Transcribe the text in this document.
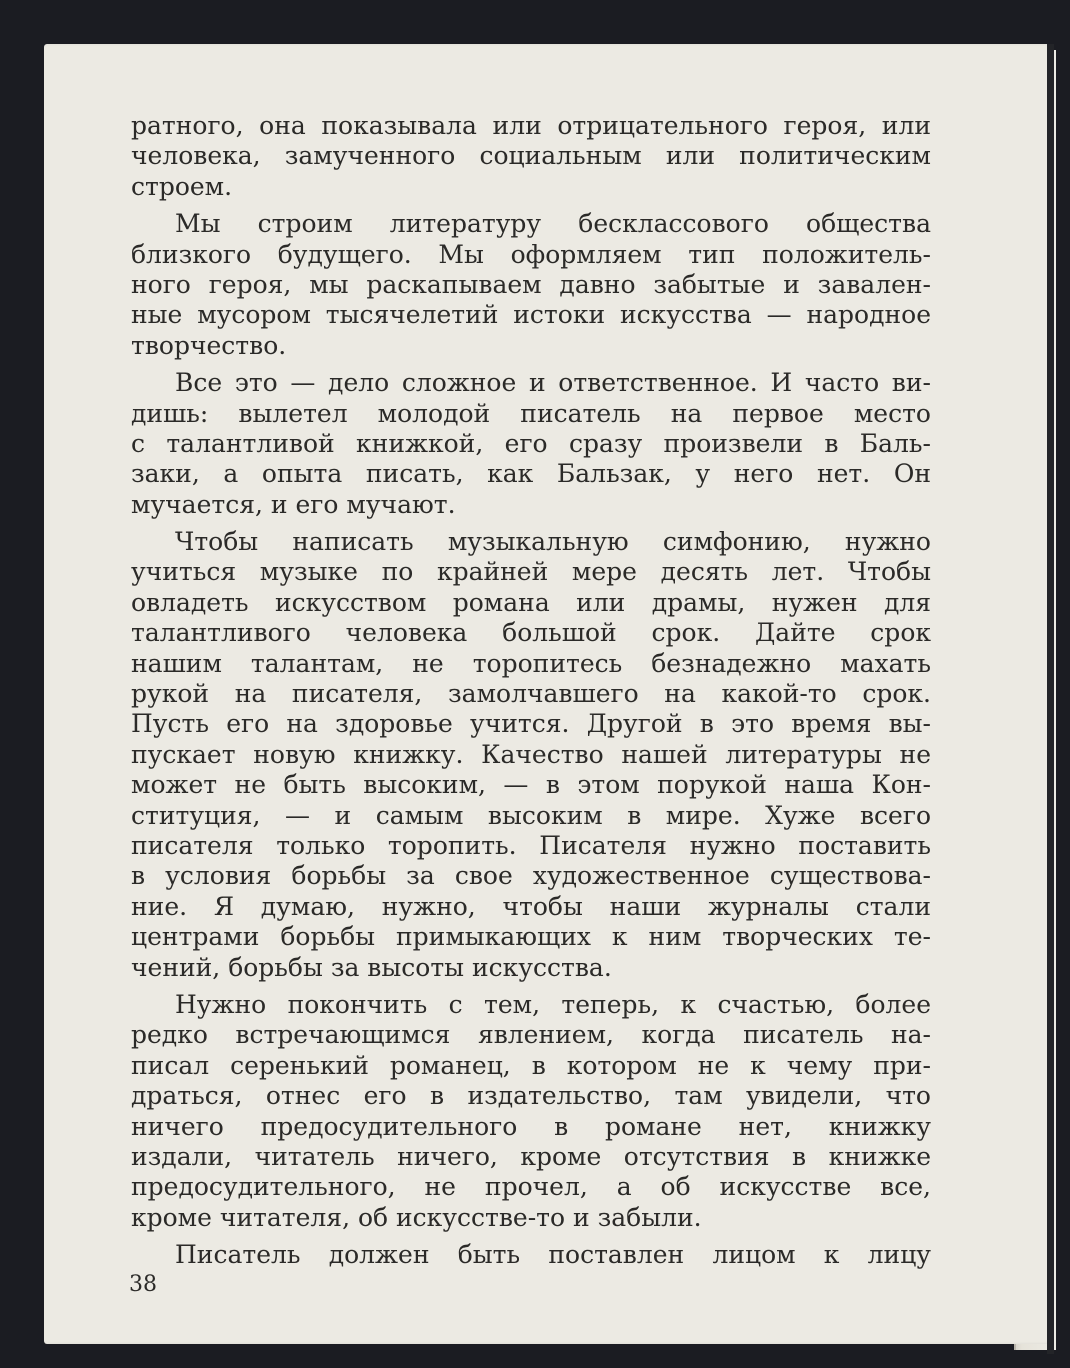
ратного, она показывала или отрицательного героя, или
человека, замученного социальным или политическим
строем.
Мы строим литературу бесклассового общества
близкого будущего. Мы оформляем тип положитель-
ного героя, мы раскапываем давно забытые и завален-
ные мусором тысячелетий истоки искусства — народное
творчество.
Все это — дело сложное и ответственное. И часто ви-
дишь: вылетел молодой писатель на первое место
с талантливой книжкой, его сразу произвели в Баль-
заки, а опыта писать, как Бальзак, у него нет. Он
мучается, и его мучают.
Чтобы написать музыкальную симфонию, нужно
учиться музыке по крайней мере десять лет. Чтобы
овладеть искусством романа или драмы, нужен для
талантливого человека большой срок. Дайте срок
нашим талантам, не торопитесь безнадежно махать
рукой на писателя, замолчавшего на какой-то срок.
Пусть его на здоровье учится. Другой в это время вы-
пускает новую книжку. Качество нашей литературы не
может не быть высоким, — в этом порукой наша Кон-
ституция, — и самым высоким в мире. Хуже всего
писателя только торопить. Писателя нужно поставить
в условия борьбы за свое художественное существова-
ние. Я думаю, нужно, чтобы наши журналы стали
центрами борьбы примыкающих к ним творческих те-
чений, борьбы за высоты искусства.
Нужно покончить с тем, теперь, к счастью, более
редко встречающимся явлением, когда писатель на-
писал серенький романец, в котором не к чему при-
драться, отнес его в издательство, там увидели, что
ничего предосудительного в романе нет, книжку
издали, читатель ничего, кроме отсутствия в книжке
предосудительного, не прочел, а об искусстве все,
кроме читателя, об искусстве-то и забыли.
Писатель должен быть поставлен лицом к лицу
38
